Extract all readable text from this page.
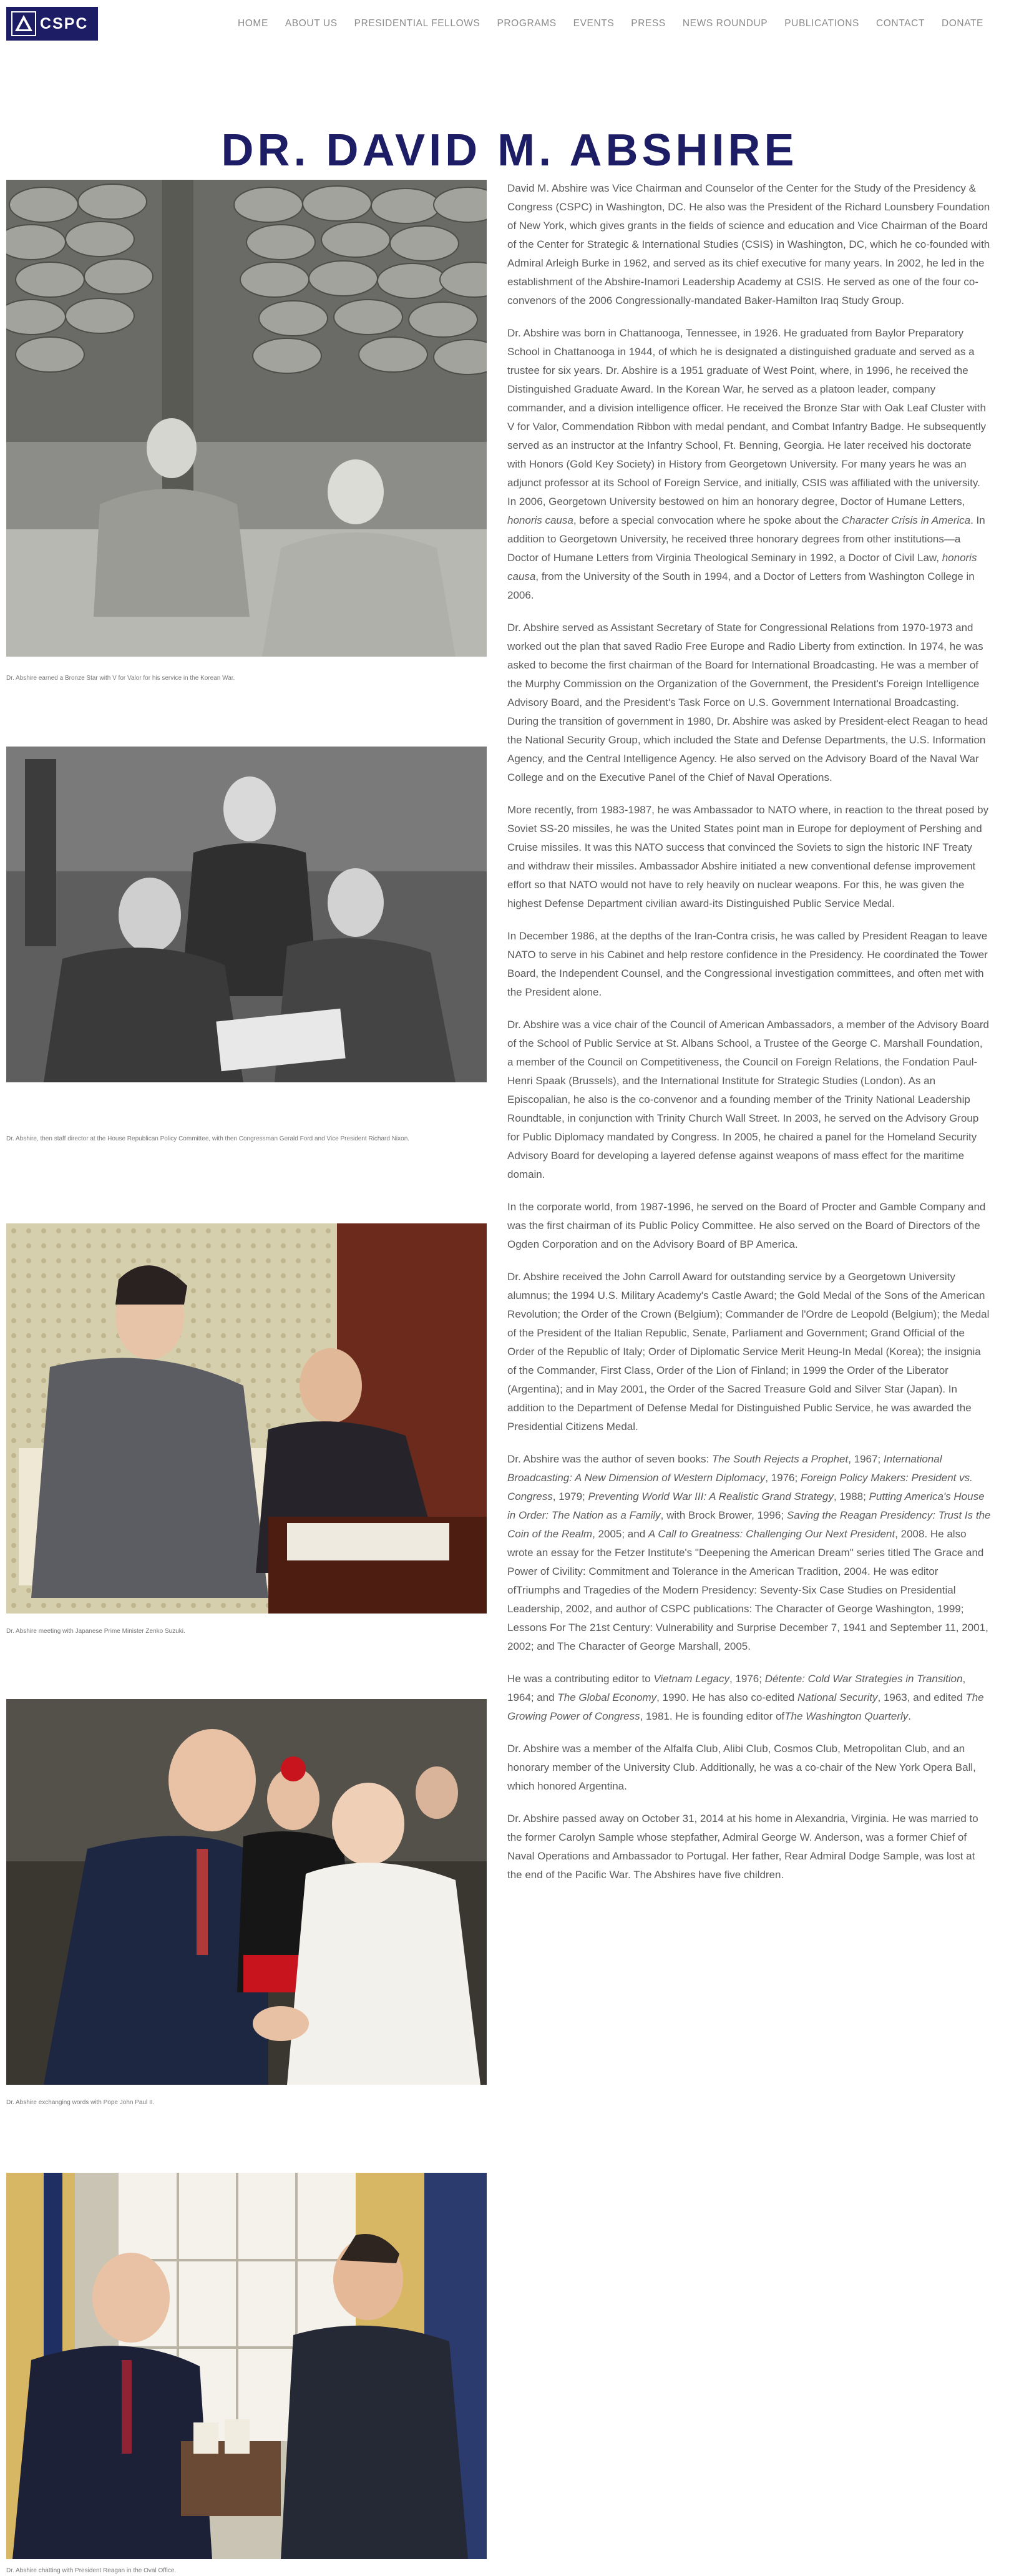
CSPC	HOME ABOUT US PRESIDENTIAL FELLOWS PROGRAMS EVENTS PRESS NEWS ROUNDUP PUBLICATIONS CONTACT DONATE
DR. DAVID M. ABSHIRE

Dr. Abshire earned a Bronze Star with V for Valor for his service in the Korean War.

Dr. Abshire, then staff director at the House Republican Policy Committee, with then Congressman Gerald Ford and Vice President Richard Nixon.

Dr. Abshire meeting with Japanese Prime Minister Zenko Suzuki.

Dr. Abshire exchanging words with Pope John Paul II.

Dr. Abshire chatting with President Reagan in the Oval Office.

David M. Abshire was Vice Chairman and Counselor of the Center for the Study of the Presidency & Congress (CSPC) in Washington, DC. He also was the President of the Richard Lounsbery Foundation of New York, which gives grants in the fields of science and education and Vice Chairman of the Board of the Center for Strategic & International Studies (CSIS) in Washington, DC, which he co-founded with Admiral Arleigh Burke in 1962, and served as its chief executive for many years. In 2002, he led in the establishment of the Abshire-Inamori Leadership Academy at CSIS. He served as one of the four co-convenors of the 2006 Congressionally-mandated Baker-Hamilton Iraq Study Group.

Dr. Abshire was born in Chattanooga, Tennessee, in 1926. He graduated from Baylor Preparatory School in Chattanooga in 1944, of which he is designated a distinguished graduate and served as a trustee for six years. Dr. Abshire is a 1951 graduate of West Point, where, in 1996, he received the Distinguished Graduate Award. In the Korean War, he served as a platoon leader, company commander, and a division intelligence officer. He received the Bronze Star with Oak Leaf Cluster with V for Valor, Commendation Ribbon with medal pendant, and Combat Infantry Badge. He subsequently served as an instructor at the Infantry School, Ft. Benning, Georgia. He later received his doctorate with Honors (Gold Key Society) in History from Georgetown University. For many years he was an adjunct professor at its School of Foreign Service, and initially, CSIS was affiliated with the university. In 2006, Georgetown University bestowed on him an honorary degree, Doctor of Humane Letters, honoris causa, before a special convocation where he spoke about the Character Crisis in America. In addition to Georgetown University, he received three honorary degrees from other institutions—a Doctor of Humane Letters from Virginia Theological Seminary in 1992, a Doctor of Civil Law, honoris causa, from the University of the South in 1994, and a Doctor of Letters from Washington College in 2006.

Dr. Abshire served as Assistant Secretary of State for Congressional Relations from 1970-1973 and worked out the plan that saved Radio Free Europe and Radio Liberty from extinction. In 1974, he was asked to become the first chairman of the Board for International Broadcasting. He was a member of the Murphy Commission on the Organization of the Government, the President's Foreign Intelligence Advisory Board, and the President's Task Force on U.S. Government International Broadcasting. During the transition of government in 1980, Dr. Abshire was asked by President-elect Reagan to head the National Security Group, which included the State and Defense Departments, the U.S. Information Agency, and the Central Intelligence Agency. He also served on the Advisory Board of the Naval War College and on the Executive Panel of the Chief of Naval Operations.

More recently, from 1983-1987, he was Ambassador to NATO where, in reaction to the threat posed by Soviet SS-20 missiles, he was the United States point man in Europe for deployment of Pershing and Cruise missiles. It was this NATO success that convinced the Soviets to sign the historic INF Treaty and withdraw their missiles. Ambassador Abshire initiated a new conventional defense improvement effort so that NATO would not have to rely heavily on nuclear weapons. For this, he was given the highest Defense Department civilian award-its Distinguished Public Service Medal.

In December 1986, at the depths of the Iran-Contra crisis, he was called by President Reagan to leave NATO to serve in his Cabinet and help restore confidence in the Presidency. He coordinated the Tower Board, the Independent Counsel, and the Congressional investigation committees, and often met with the President alone.

Dr. Abshire was a vice chair of the Council of American Ambassadors, a member of the Advisory Board of the School of Public Service at St. Albans School, a Trustee of the George C. Marshall Foundation, a member of the Council on Competitiveness, the Council on Foreign Relations, the Fondation Paul-Henri Spaak (Brussels), and the International Institute for Strategic Studies (London). As an Episcopalian, he also is the co-convenor and a founding member of the Trinity National Leadership Roundtable, in conjunction with Trinity Church Wall Street. In 2003, he served on the Advisory Group for Public Diplomacy mandated by Congress. In 2005, he chaired a panel for the Homeland Security Advisory Board for developing a layered defense against weapons of mass effect for the maritime domain.

In the corporate world, from 1987-1996, he served on the Board of Procter and Gamble Company and was the first chairman of its Public Policy Committee. He also served on the Board of Directors of the Ogden Corporation and on the Advisory Board of BP America.

Dr. Abshire received the John Carroll Award for outstanding service by a Georgetown University alumnus; the 1994 U.S. Military Academy's Castle Award; the Gold Medal of the Sons of the American Revolution; the Order of the Crown (Belgium); Commander de l'Ordre de Leopold (Belgium); the Medal of the President of the Italian Republic, Senate, Parliament and Government; Grand Official of the Order of the Republic of Italy; Order of Diplomatic Service Merit Heung-In Medal (Korea); the insignia of the Commander, First Class, Order of the Lion of Finland; in 1999 the Order of the Liberator (Argentina); and in May 2001, the Order of the Sacred Treasure Gold and Silver Star (Japan). In addition to the Department of Defense Medal for Distinguished Public Service, he was awarded the Presidential Citizens Medal.

Dr. Abshire was the author of seven books: The South Rejects a Prophet, 1967; International Broadcasting: A New Dimension of Western Diplomacy, 1976; Foreign Policy Makers: President vs. Congress, 1979; Preventing World War III: A Realistic Grand Strategy, 1988; Putting America's House in Order: The Nation as a Family, with Brock Brower, 1996; Saving the Reagan Presidency: Trust Is the Coin of the Realm, 2005; and A Call to Greatness: Challenging Our Next President, 2008. He also wrote an essay for the Fetzer Institute's "Deepening the American Dream" series titled The Grace and Power of Civility: Commitment and Tolerance in the American Tradition, 2004. He was editor ofTriumphs and Tragedies of the Modern Presidency: Seventy-Six Case Studies on Presidential Leadership, 2002, and author of CSPC publications: The Character of George Washington, 1999; Lessons For The 21st Century: Vulnerability and Surprise December 7, 1941 and September 11, 2001, 2002; and The Character of George Marshall, 2005.

He was a contributing editor to Vietnam Legacy, 1976; Détente: Cold War Strategies in Transition, 1964; and The Global Economy, 1990. He has also co-edited National Security, 1963, and edited The Growing Power of Congress, 1981. He is founding editor ofThe Washington Quarterly.

Dr. Abshire was a member of the Alfalfa Club, Alibi Club, Cosmos Club, Metropolitan Club, and an honorary member of the University Club. Additionally, he was a co-chair of the New York Opera Ball, which honored Argentina.

Dr. Abshire passed away on October 31, 2014 at his home in Alexandria, Virginia. He was married to the former Carolyn Sample whose stepfather, Admiral George W. Anderson, was a former Chief of Naval Operations and Ambassador to Portugal. Her father, Rear Admiral Dodge Sample, was lost at the end of the Pacific War. The Abshires have five children.
